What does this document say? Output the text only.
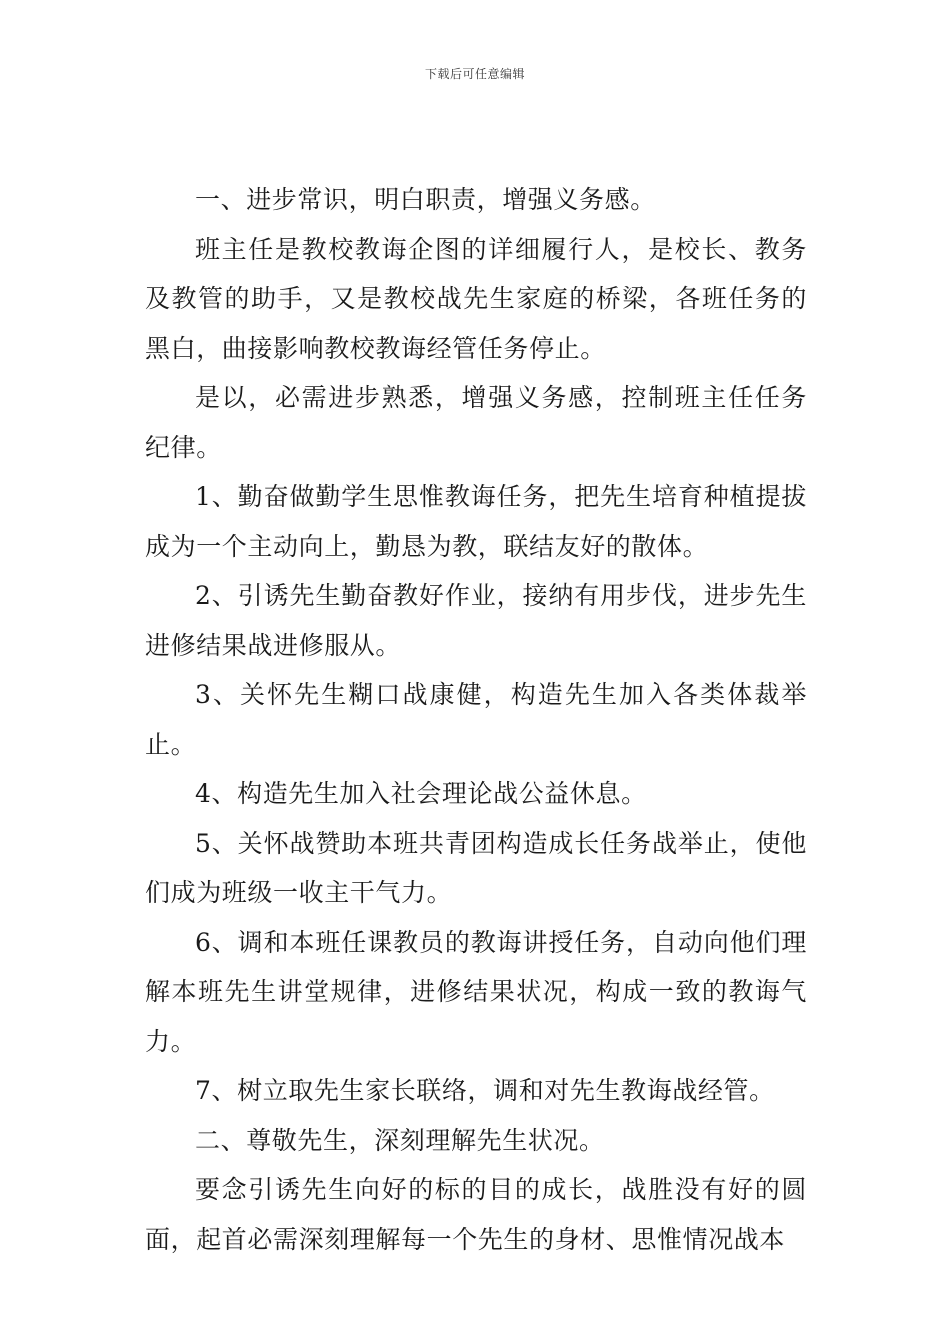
下载后可任意编辑

一、进步常识，明白职责，增强义务感。

班主任是教校教诲企图的详细履行人，是校长、教务及教管的助手，又是教校战先生家庭的桥梁，各班任务的黑白，曲接影响教校教诲经管任务停止。

是以，必需进步熟悉，增强义务感，控制班主任任务纪律。

1、勤奋做勤学生思惟教诲任务，把先生培育种植提拔成为一个主动向上，勤恳为教，联结友好的散体。

2、引诱先生勤奋教好作业，接纳有用步伐，进步先生进修结果战进修服从。

3、关怀先生糊口战康健，构造先生加入各类体裁举止。

4、构造先生加入社会理论战公益休息。

5、关怀战赞助本班共青团构造成长任务战举止，使他们成为班级一收主干气力。

6、调和本班任课教员的教诲讲授任务，自动向他们理解本班先生讲堂规律，进修结果状况，构成一致的教诲气力。

7、树立取先生家长联络，调和对先生教诲战经管。

二、尊敬先生，深刻理解先生状况。

要念引诱先生向好的标的目的成长，战胜没有好的圆面，起首必需深刻理解每一个先生的身材、思惟情况战本
